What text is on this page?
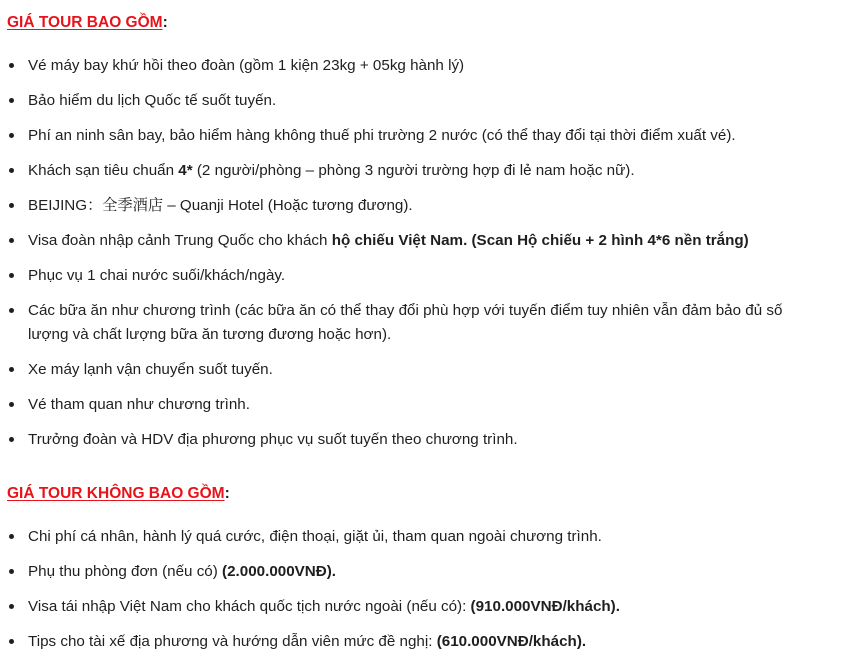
GIÁ TOUR BAO GỒM:
Vé máy bay khứ hồi theo đoàn (gồm 1 kiện 23kg + 05kg hành lý)
Bảo hiểm du lịch Quốc tế suốt tuyến.
Phí an ninh sân bay, bảo hiểm hàng không thuế phi trường 2 nước (có thể thay đổi tại thời điểm xuất vé).
Khách sạn tiêu chuẩn 4* (2 người/phòng – phòng 3 người trường hợp đi lẻ nam hoặc nữ).
BEIJING：全季酒店 – Quanji Hotel (Hoặc tương đương).
Visa đoàn nhập cảnh Trung Quốc cho khách hộ chiếu Việt Nam. (Scan Hộ chiếu + 2 hình 4*6 nền trắng)
Phục vụ 1 chai nước suối/khách/ngày.
Các bữa ăn như chương trình (các bữa ăn có thể thay đổi phù hợp với tuyến điểm tuy nhiên vẫn đảm bảo đủ số
lượng và chất lượng bữa ăn tương đương hoặc hơn).
Xe máy lạnh vận chuyển suốt tuyến.
Vé tham quan như chương trình.
Trưởng đoàn và HDV địa phương phục vụ suốt tuyến theo chương trình.
GIÁ TOUR KHÔNG BAO GỒM:
Chi phí cá nhân, hành lý quá cước, điện thoại, giặt ủi, tham quan ngoài chương trình.
Phụ thu phòng đơn (nếu có) (2.000.000VNĐ).
Visa tái nhập Việt Nam cho khách quốc tịch nước ngoài (nếu có): (910.000VNĐ/khách).
Tips cho tài xế địa phương và hướng dẫn viên mức đề nghị: (610.000VNĐ/khách).
